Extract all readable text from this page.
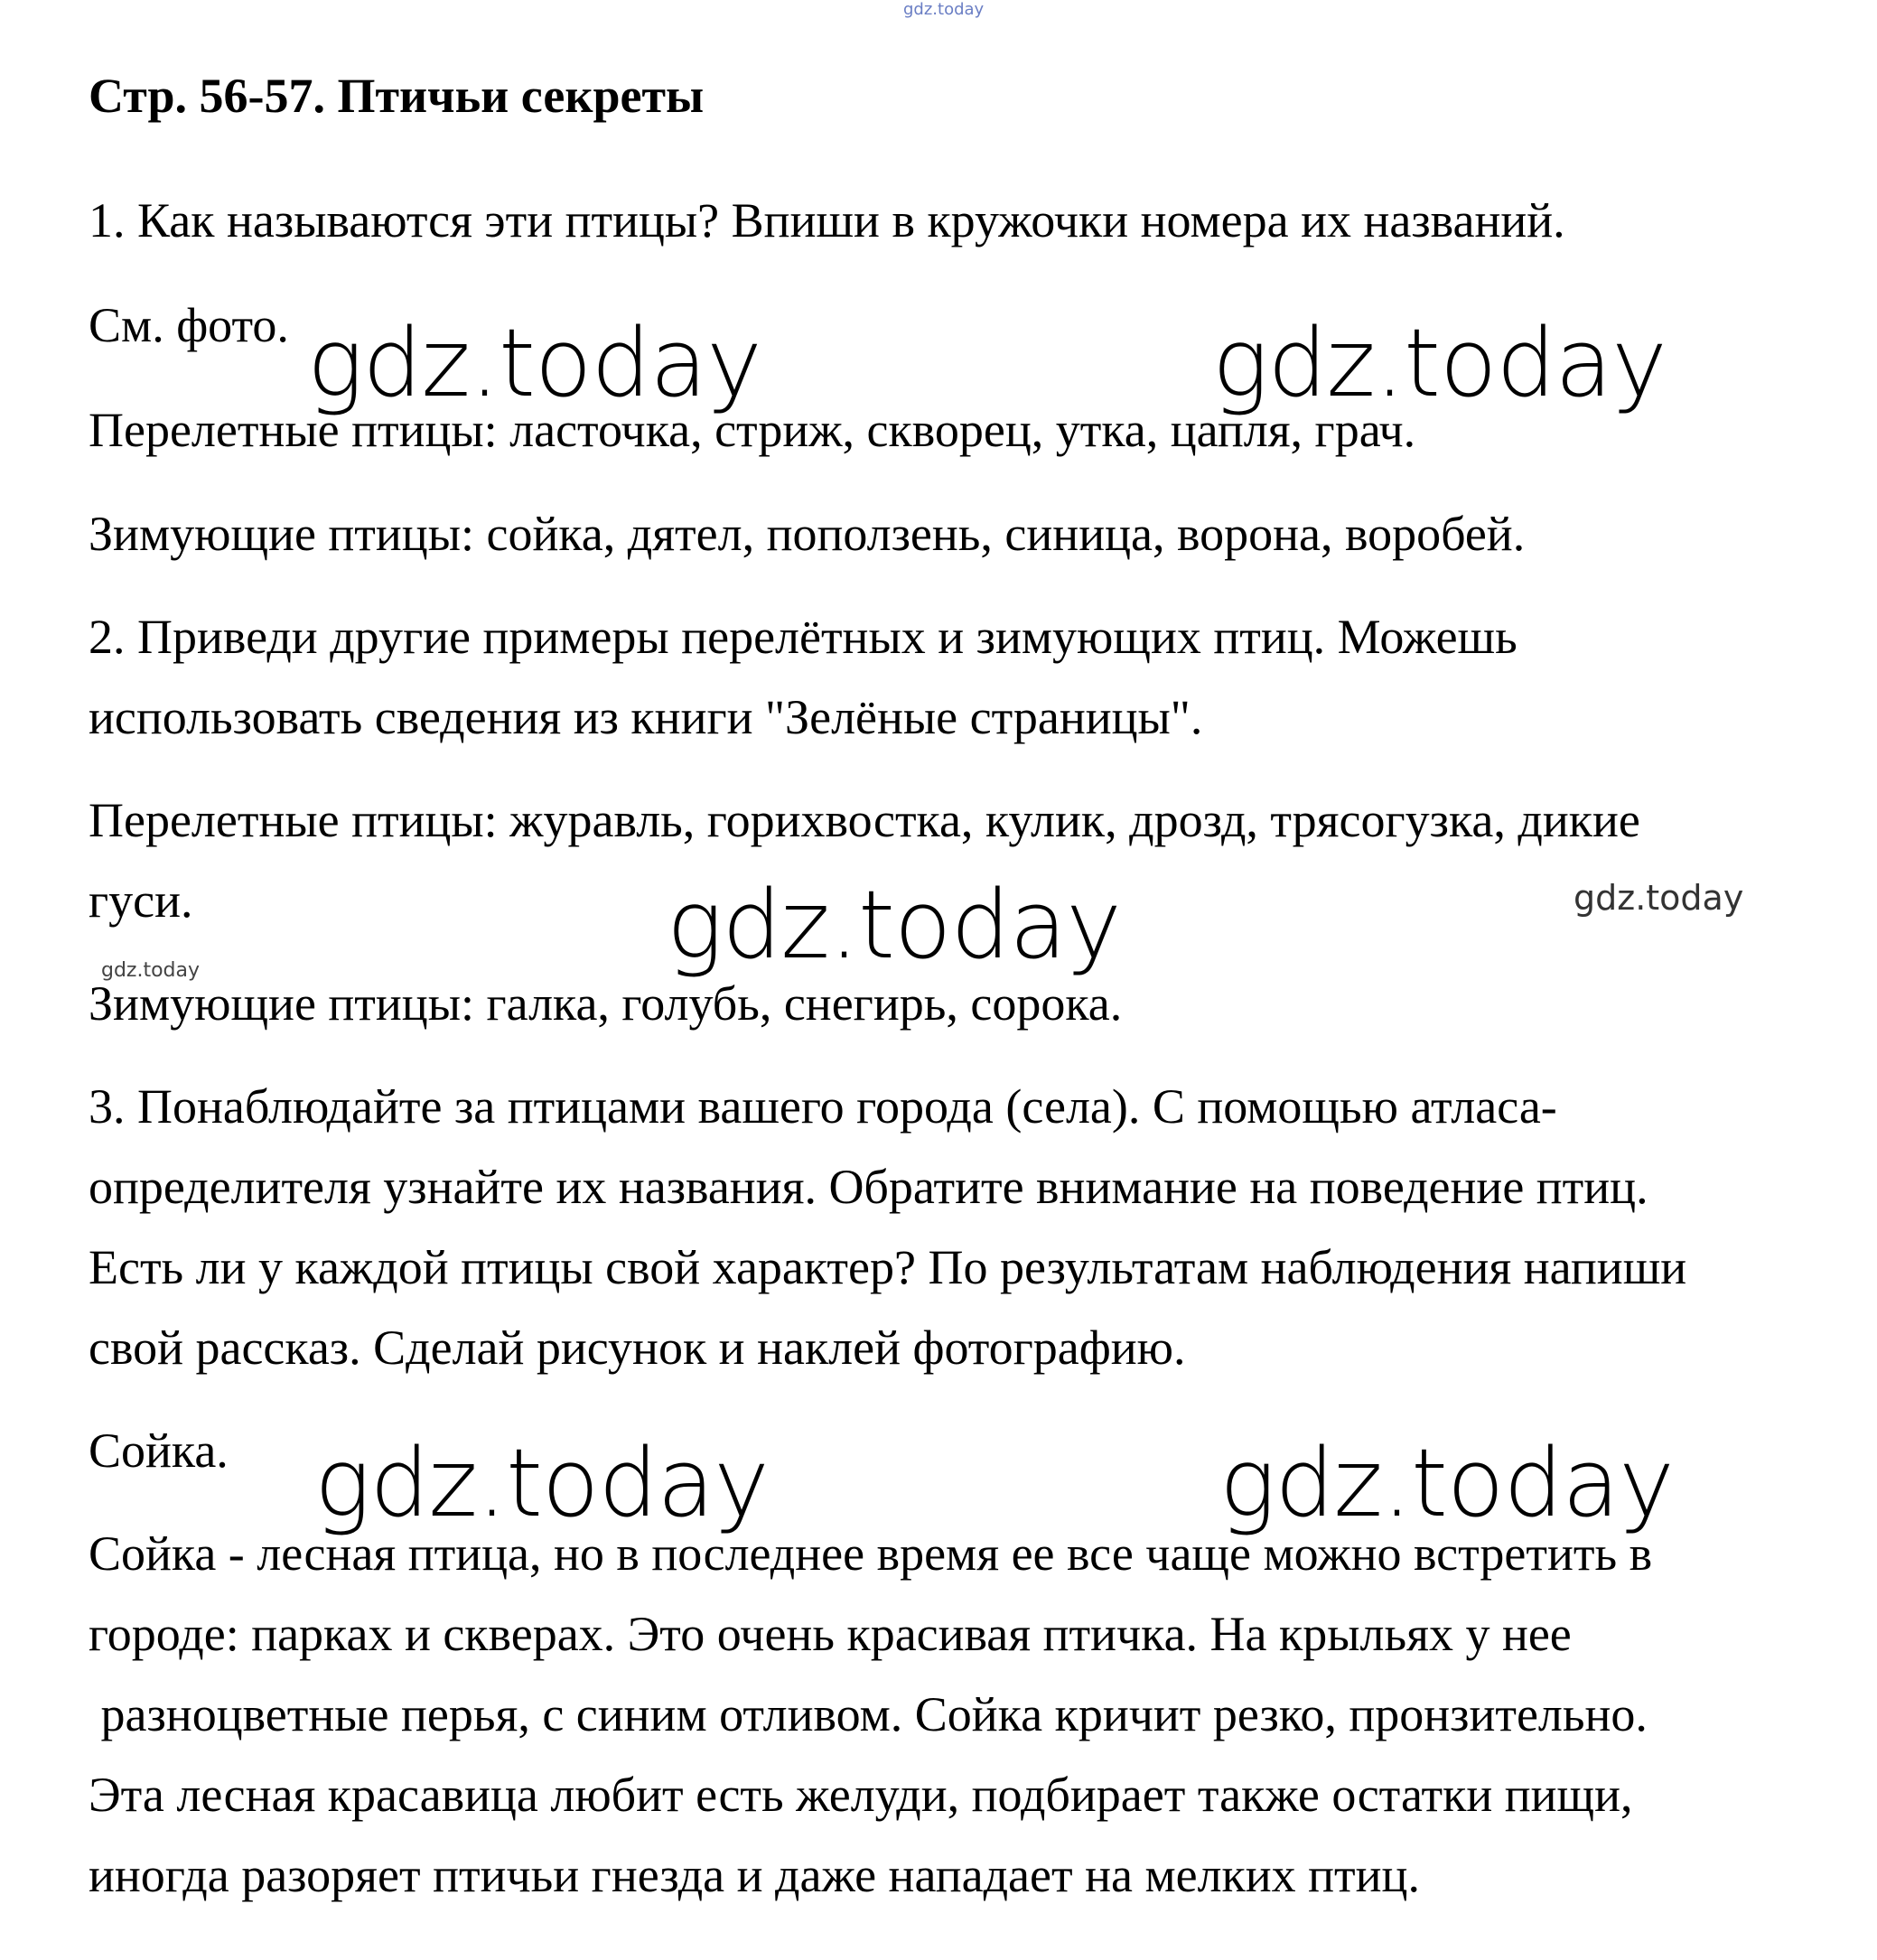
gdz.today
Стр. 56-57. Птичьи секреты

1. Как называются эти птицы? Впиши в кружочки номера их названий.

См. фото.

Перелетные птицы: ласточка, стриж, скворец, утка, цапля, грач.

Зимующие птицы: сойка, дятел, поползень, синица, ворона, воробей.

2. Приведи другие примеры перелётных и зимующих птиц. Можешь

использовать сведения из книги "Зелёные страницы".

Перелетные птицы: журавль, горихвостка, кулик, дрозд, трясогузка, дикие

гуси.

Зимующие птицы: галка, голубь, снегирь, сорока.

3. Понаблюдайте за птицами вашего города (села). С помощью атласа-

определителя узнайте их названия. Обратите внимание на поведение птиц.

Есть ли у каждой птицы свой характер? По результатам наблюдения напиши

свой рассказ. Сделай рисунок и наклей фотографию.

Сойка.

Сойка - лесная птица, но в последнее время ее все чаще можно встретить в

городе: парках и скверах. Это очень красивая птичка. На крыльях у нее

разноцветные перья, с синим отливом. Сойка кричит резко, пронзительно.

Эта лесная красавица любит есть желуди, подбирает также остатки пищи,

иногда разоряет птичьи гнезда и даже нападает на мелких птиц.

gdz.today	gdz.today
gdz.today
gdz.today	gdz.today
gdz.today
gdz.today
